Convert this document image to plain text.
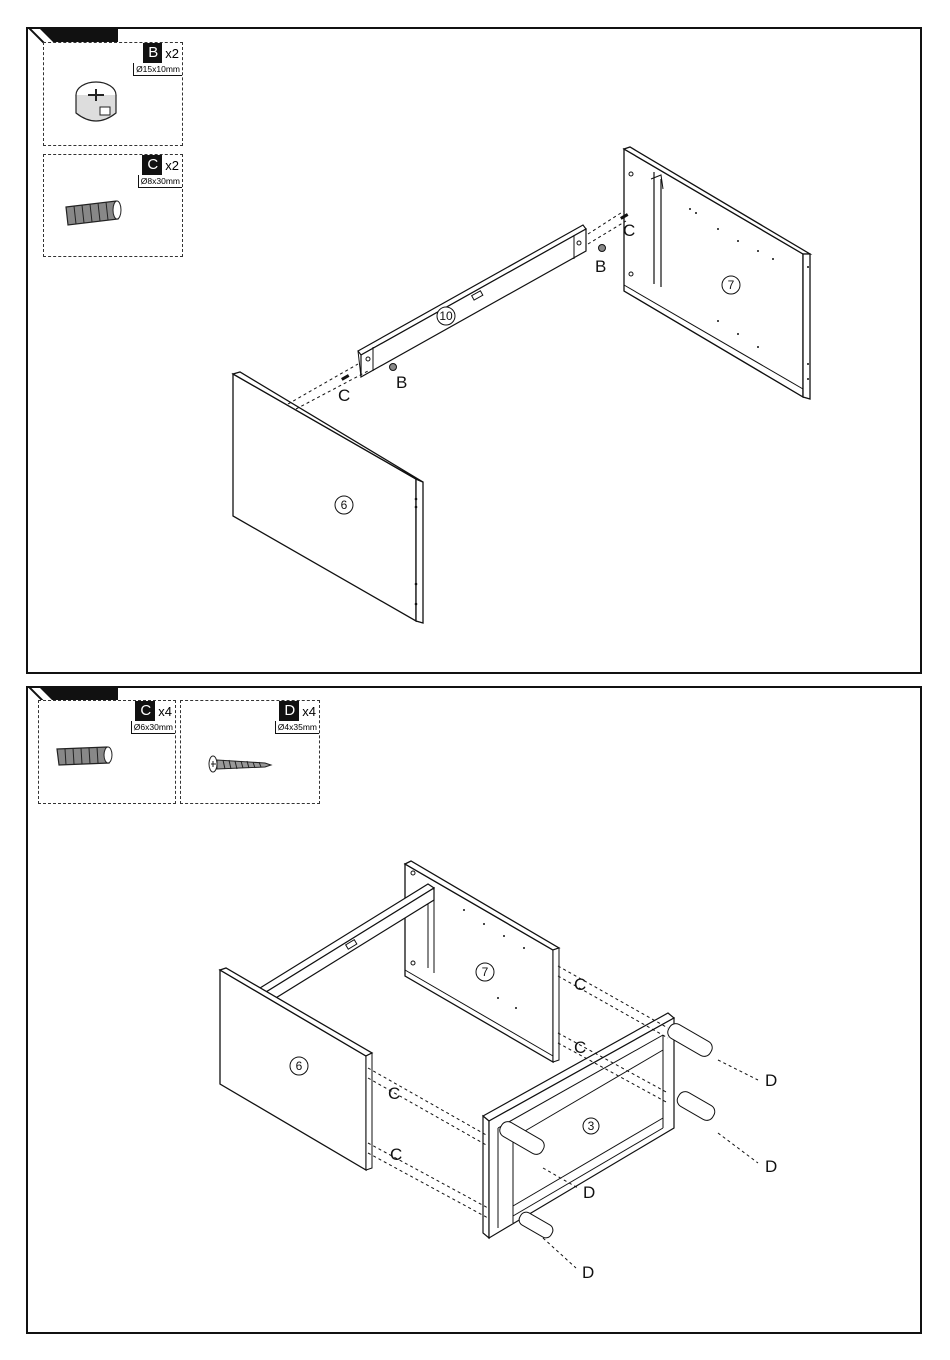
1
B x2
Ø15x10mm
C x2
Ø8x30mm
6
10
7
C
B
C
B
2
C x4
Ø6x30mm
D x4
Ø4x35mm
6
7
3
C
C
C
C
D
D
D
D
